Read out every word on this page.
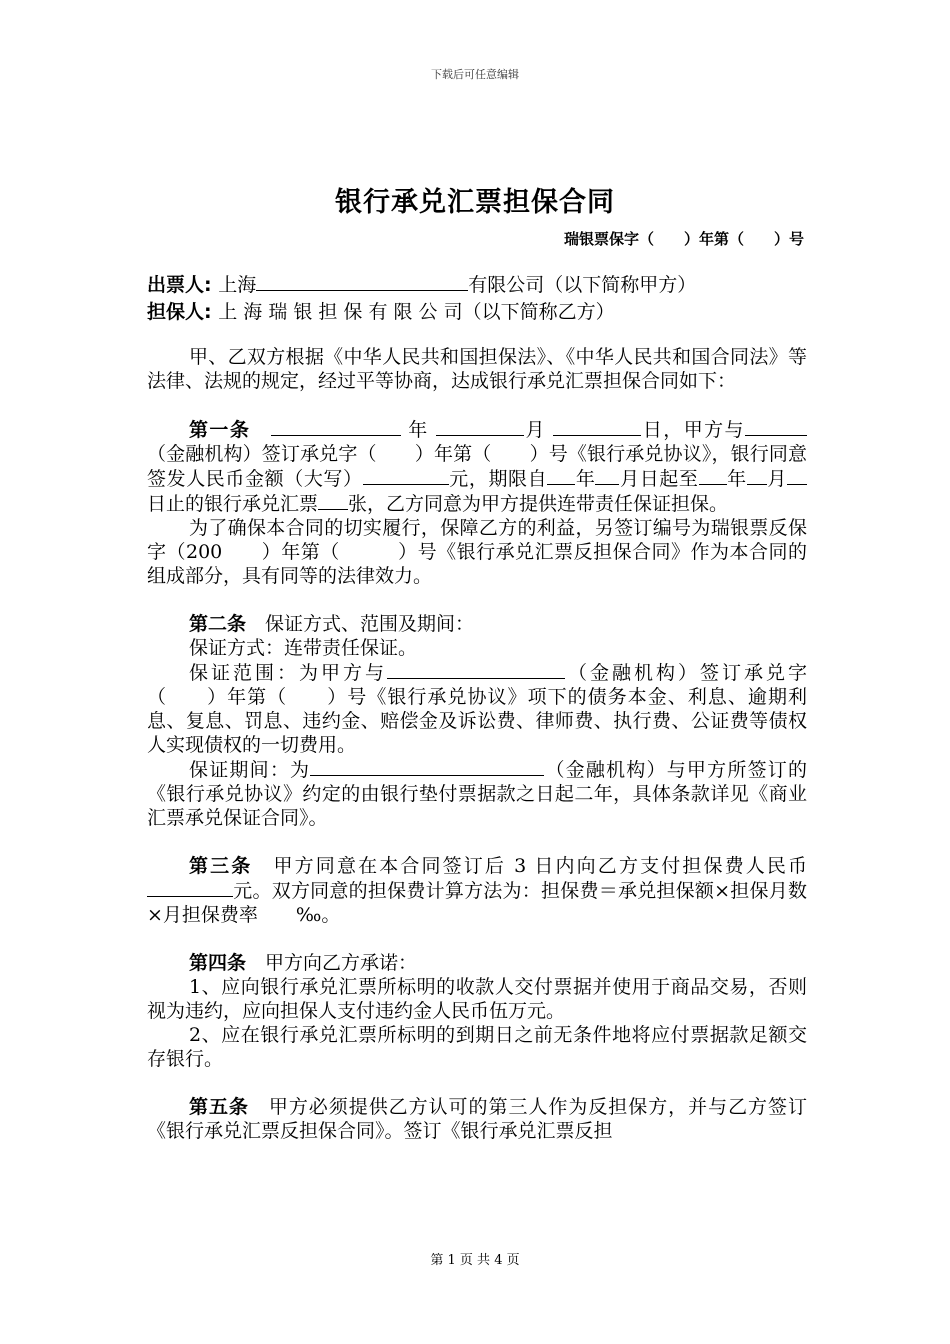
下载后可任意编辑
银行承兑汇票担保合同
瑞银票保字（　　）年第（　　）号
出票人: 上海	有限公司（以下简称甲方）
担保人: 上 海 瑞 银 担 保 有 限 公 司（以下简称乙方）

甲、乙双方根据《中华人民共和国担保法》、《中华人民共和国合同法》等法律、法规的规定，经过平等协商，达成银行承兑汇票担保合同如下：

第一条　	年	月	日，甲方与（金融机构）签订承兑字（　　）年第（　　）号《银行承兑协议》，银行同意签发人民币金额（大写）	元，期限自 年 月日起至 年 月日止的银行承兑汇票 张，乙方同意为甲方提供连带责任保证担保。

为了确保本合同的切实履行，保障乙方的利益，另签订编号为瑞银票反保字（200　　）年第（　　　）号《银行承兑汇票反担保合同》作为本合同的组成部分，具有同等的法律效力。

第二条　 保证方式、范围及期间：

保证方式：连带责任保证。

保证范围：为甲方与	（金融机构）签订承兑字（　　）年第（　　）号《银行承兑协议》项下的债务本金、利息、逾期利息、复息、罚息、违约金、赔偿金及诉讼费、律师费、执行费、公证费等债权人实现债权的一切费用。

保证期间：为	（金融机构）与甲方所签订的《银行承兑协议》约定的由银行垫付票据款之日起二年，具体条款详见《商业汇票承兑保证合同》。

第三条　 甲方同意在本合同签订后 3 日内向乙方支付担保费人民币元。双方同意的担保费计算方法为：担保费＝承兑担保额×担保月数×月担保费率　　‰。

第四条　 甲方向乙方承诺：

1、应向银行承兑汇票所标明的收款人交付票据并使用于商品交易，否则视为违约，应向担保人支付违约金人民币伍万元。

2、应在银行承兑汇票所标明的到期日之前无条件地将应付票据款足额交存银行。

第五条　 甲方必须提供乙方认可的第三人作为反担保方，并与乙方签订《银行承兑汇票反担保合同》。签订《银行承兑汇票反担

第 1 页 共 4 页
